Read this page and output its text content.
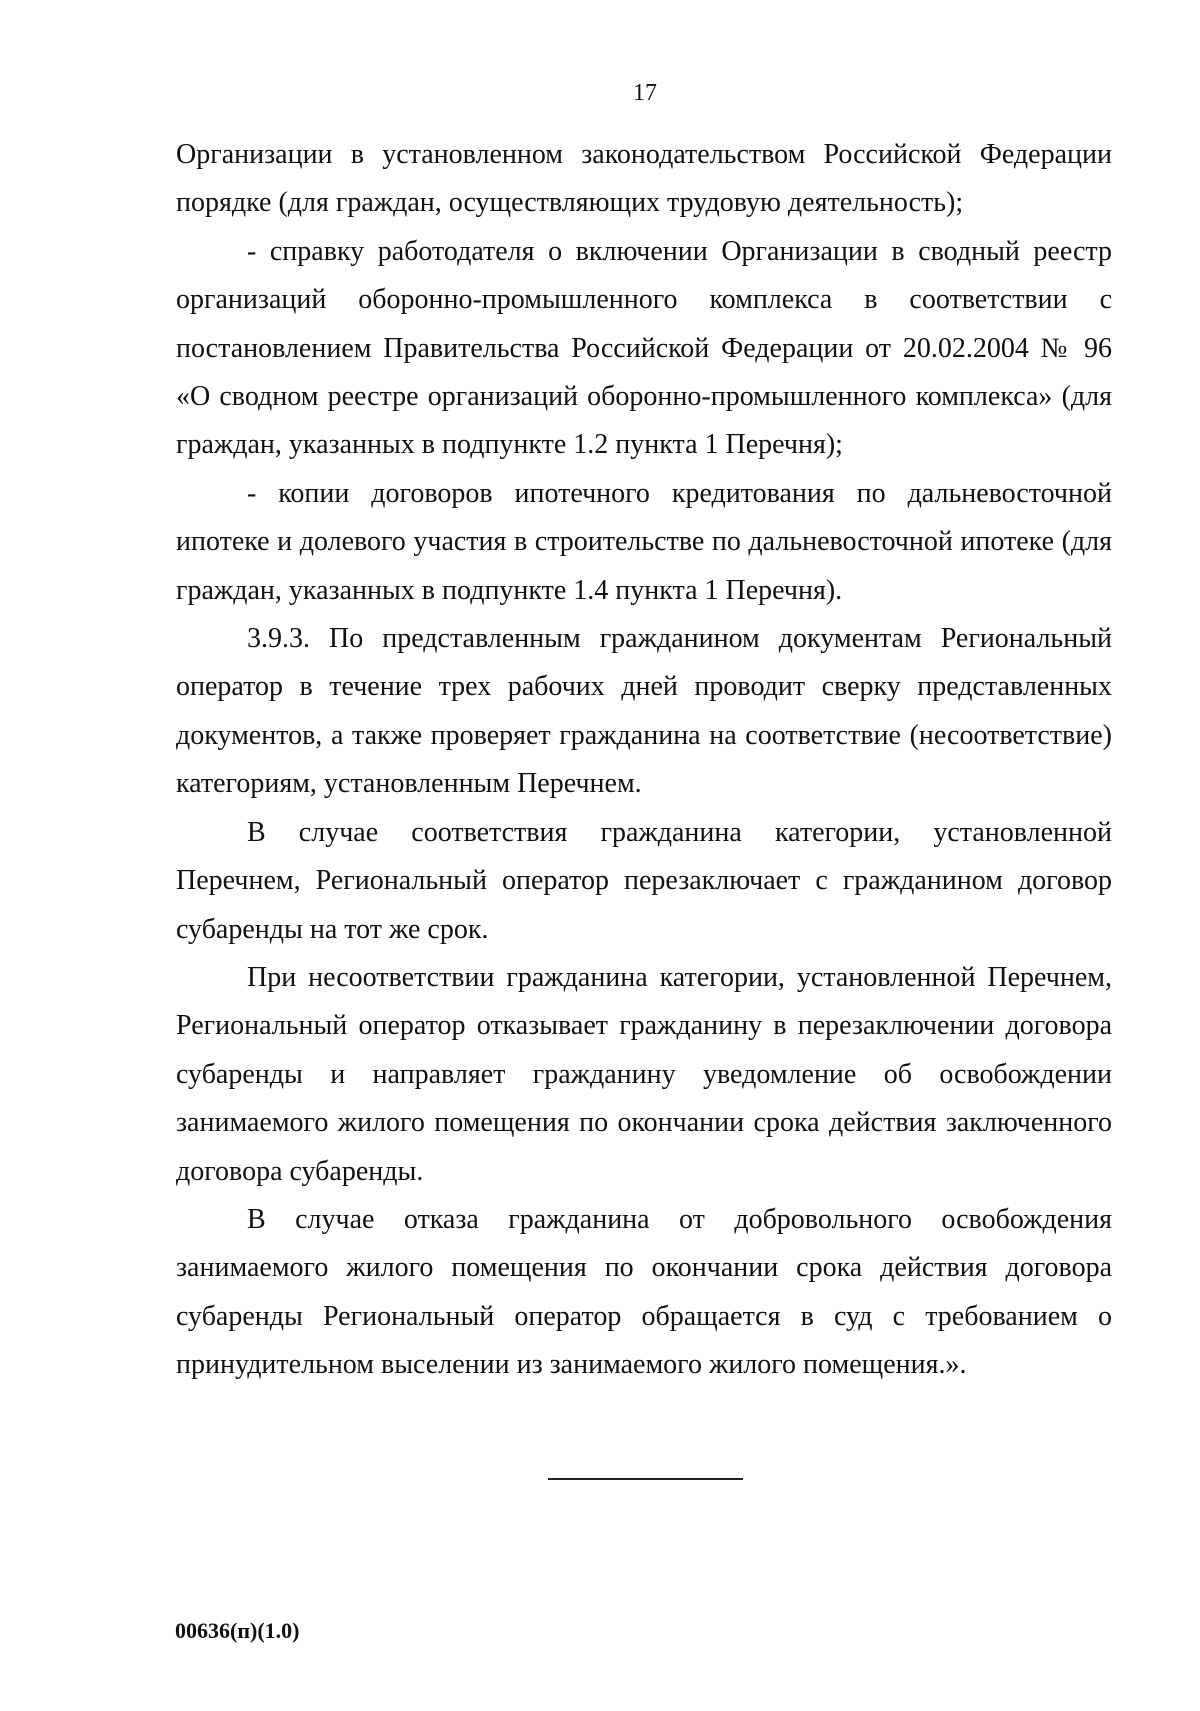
17

Организации в установленном законодательством Российской Федерации порядке (для граждан, осуществляющих трудовую деятельность);

- справку работодателя о включении Организации в сводный реестр организаций оборонно-промышленного комплекса в соответствии с постановлением Правительства Российской Федерации от 20.02.2004 № 96 «О сводном реестре организаций оборонно-промышленного комплекса» (для граждан, указанных в подпункте 1.2 пункта 1 Перечня);

- копии договоров ипотечного кредитования по дальневосточной ипотеке и долевого участия в строительстве по дальневосточной ипотеке (для граждан, указанных в подпункте 1.4 пункта 1 Перечня).

3.9.3. По представленным гражданином документам Региональный оператор в течение трех рабочих дней проводит сверку представленных документов, а также проверяет гражданина на соответствие (несоответствие) категориям, установленным Перечнем.

В случае соответствия гражданина категории, установленной Перечнем, Региональный оператор перезаключает с гражданином договор субаренды на тот же срок.

При несоответствии гражданина категории, установленной Перечнем, Региональный оператор отказывает гражданину в перезаключении договора субаренды и направляет гражданину уведомление об освобождении занимаемого жилого помещения по окончании срока действия заключенного договора субаренды.

В случае отказа гражданина от добровольного освобождения занимаемого жилого помещения по окончании срока действия договора субаренды Региональный оператор обращается в суд с требованием о принудительном выселении из занимаемого жилого помещения.».

00636(п)(1.0)
